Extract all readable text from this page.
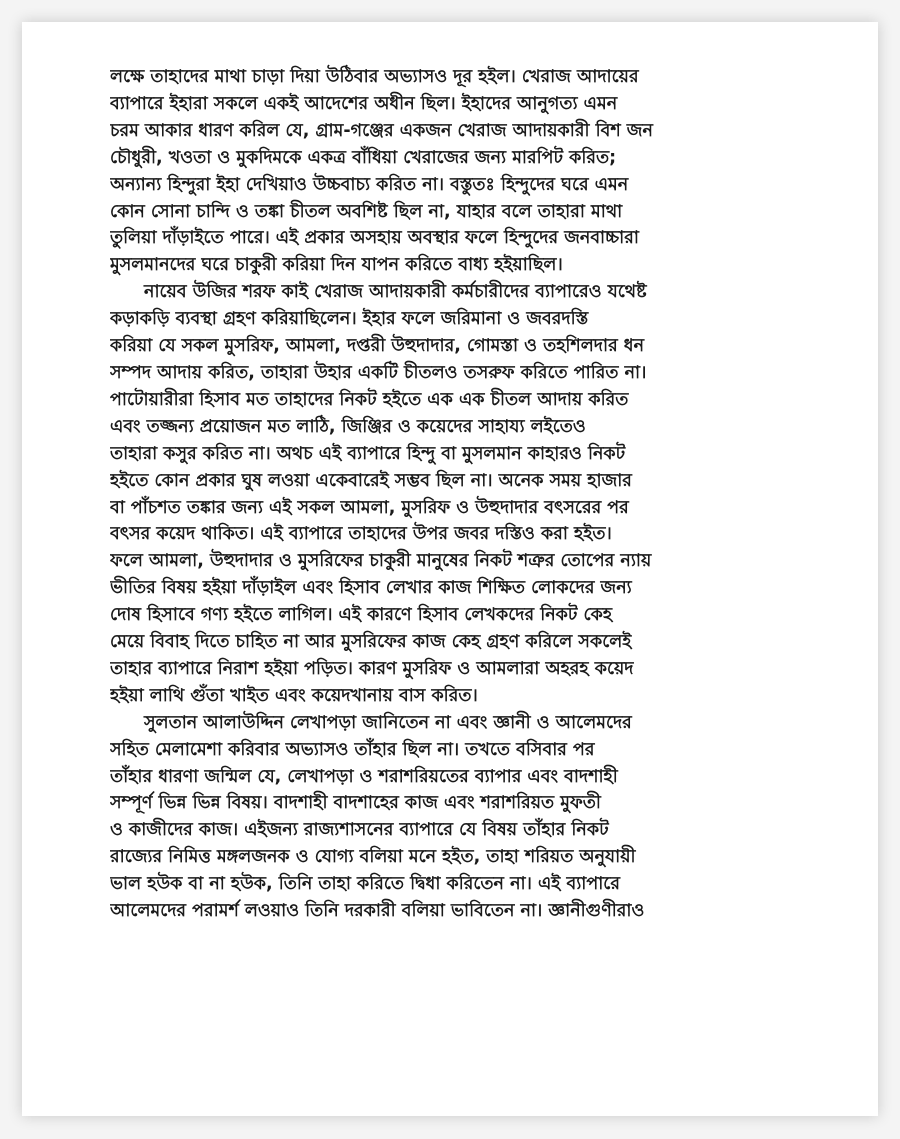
লক্ষে তাহাদের মাথা চাড়া দিয়া উঠিবার অভ্যাসও দূর হইল। খেরাজ আদায়ের
ব্যাপারে ইহারা সকলে একই আদেশের অধীন ছিল। ইহাদের আনুগত্য এমন
চরম আকার ধারণ করিল যে, গ্রাম-গঞ্জের একজন খেরাজ আদায়কারী বিশ জন
চৌধুরী, খওতা ও মুকদিমকে একত্র বাঁধিয়া খেরাজের জন্য মারপিট করিত;
অন্যান্য হিন্দুরা ইহা দেখিয়াও উচ্চবাচ্য করিত না। বস্তুতঃ হিন্দুদের ঘরে এমন
কোন সোনা চান্দি ও তঙ্কা চীতল অবশিষ্ট ছিল না, যাহার বলে তাহারা মাথা
তুলিয়া দাঁড়াইতে পারে। এই প্রকার অসহায় অবস্থার ফলে হিন্দুদের জনবাচ্চারা
মুসলমানদের ঘরে চাকুরী করিয়া দিন যাপন করিতে বাধ্য হইয়াছিল।
নায়েব উজির শরফ কাই খেরাজ আদায়কারী কর্মচারীদের ব্যাপারেও যথেষ্ট
কড়াকড়ি ব্যবস্থা গ্রহণ করিয়াছিলেন। ইহার ফলে জরিমানা ও জবরদস্তি
করিয়া যে সকল মুসরিফ, আমলা, দপ্তরী উহুদাদার, গোমস্তা ও তহশিলদার ধন
সম্পদ আদায় করিত, তাহারা উহার একটি চীতলও তসরুফ করিতে পারিত না।
পাটোয়ারীরা হিসাব মত তাহাদের নিকট হইতে এক এক চীতল আদায় করিত
এবং তজ্জন্য প্রয়োজন মত লাঠি, জিঞ্জির ও কয়েদের সাহায্য লইতেও
তাহারা কসুর করিত না। অথচ এই ব্যাপারে হিন্দু বা মুসলমান কাহারও নিকট
হইতে কোন প্রকার ঘুষ লওয়া একেবারেই সম্ভব ছিল না। অনেক সময় হাজার
বা পাঁচশত তঙ্কার জন্য এই সকল আমলা, মুসরিফ ও উহুদাদার বৎসরের পর
বৎসর কয়েদ থাকিত। এই ব্যাপারে তাহাদের উপর জবর দস্তিও করা হইত।
ফলে আমলা, উহুদাদার ও মুসরিফের চাকুরী মানুষের নিকট শত্রুর তোপের ন্যায়
ভীতির বিষয় হইয়া দাঁড়াইল এবং হিসাব লেখার কাজ শিক্ষিত লোকদের জন্য
দোষ হিসাবে গণ্য হইতে লাগিল। এই কারণে হিসাব লেখকদের নিকট কেহ
মেয়ে বিবাহ দিতে চাহিত না আর মুসরিফের কাজ কেহ গ্রহণ করিলে সকলেই
তাহার ব্যাপারে নিরাশ হইয়া পড়িত। কারণ মুসরিফ ও আমলারা অহরহ কয়েদ
হইয়া লাথি গুঁতা খাইত এবং কয়েদখানায় বাস করিত।
সুলতান আলাউদ্দিন লেখাপড়া জানিতেন না এবং জ্ঞানী ও আলেমদের
সহিত মেলামেশা করিবার অভ্যাসও তাঁহার ছিল না। তখতে বসিবার পর
তাঁহার ধারণা জন্মিল যে, লেখাপড়া ও শরাশরিয়তের ব্যাপার এবং বাদশাহী
সম্পূর্ণ ভিন্ন ভিন্ন বিষয়। বাদশাহী বাদশাহের কাজ এবং শরাশরিয়ত মুফতী
ও কাজীদের কাজ। এইজন্য রাজ্যশাসনের ব্যাপারে যে বিষয় তাঁহার নিকট
রাজ্যের নিমিত্ত মঙ্গলজনক ও যোগ্য বলিয়া মনে হইত, তাহা শরিয়ত অনুযায়ী
ভাল হউক বা না হউক, তিনি তাহা করিতে দ্বিধা করিতেন না। এই ব্যাপারে
আলেমদের পরামর্শ লওয়াও তিনি দরকারী বলিয়া ভাবিতেন না। জ্ঞানীগুণীরাও
